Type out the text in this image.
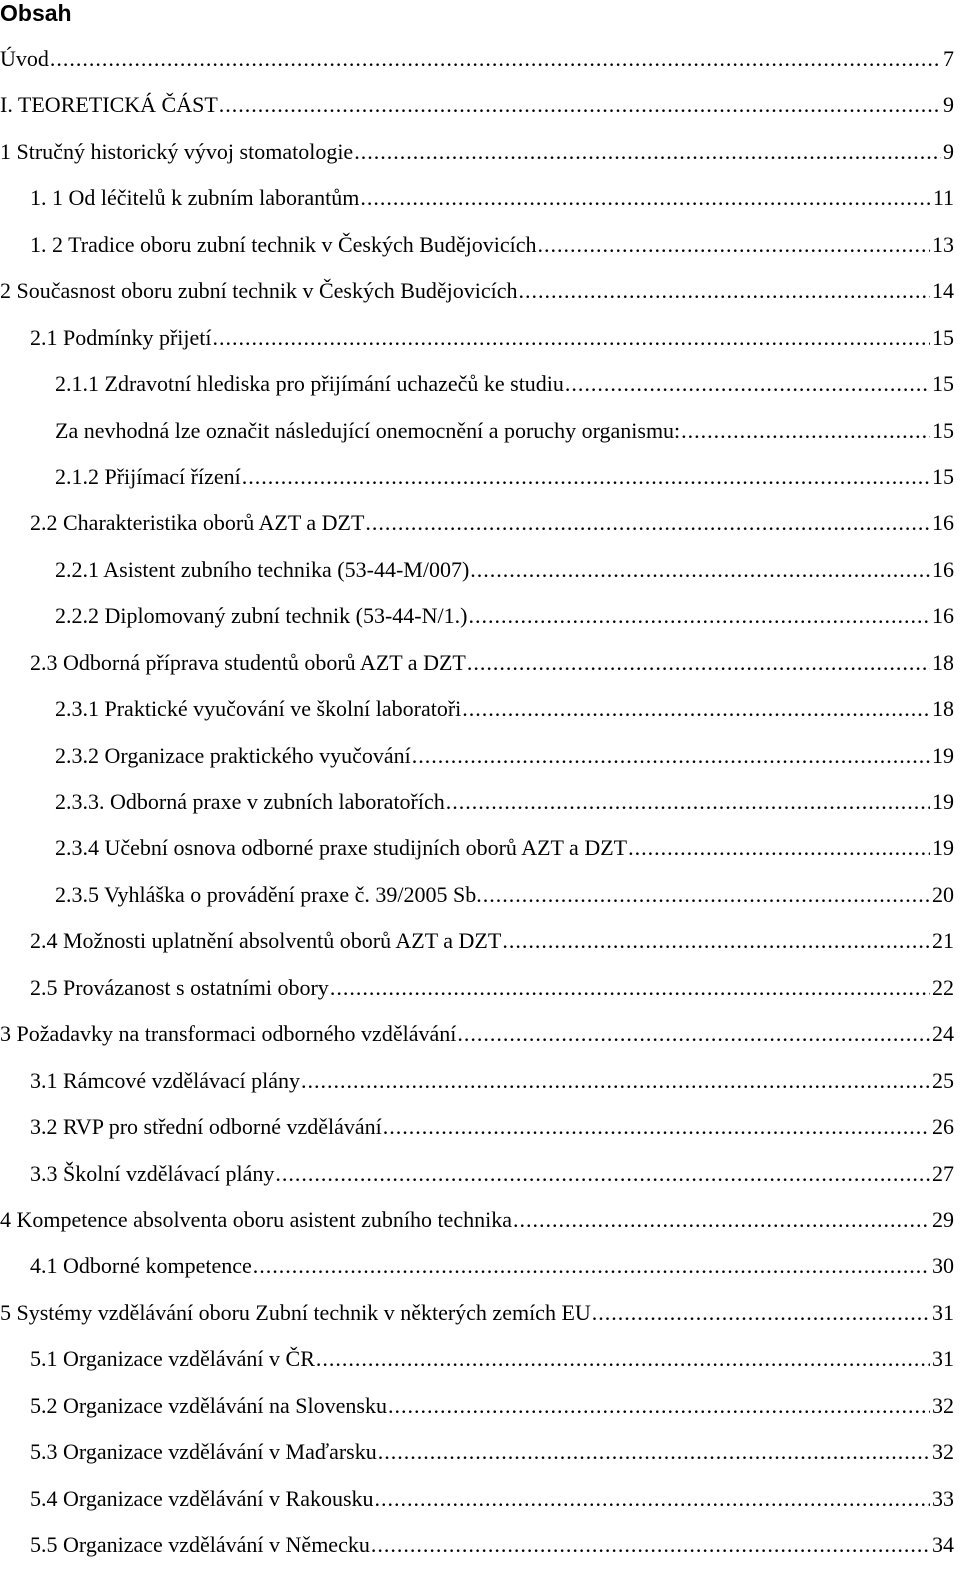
Obsah
Úvod .....	7
I. TEORETICKÁ ČÁST .....	9
1 Stručný historický vývoj stomatologie .....	9
1. 1 Od léčitelů k zubním laborantům .....	11
1. 2 Tradice oboru zubní technik v Českých Budějovicích .....	13
2 Současnost oboru zubní technik v Českých Budějovicích .....	14
2.1 Podmínky přijetí .....	15
2.1.1 Zdravotní hlediska pro přijímání uchazečů ke studiu .....	15
Za nevhodná lze označit následující onemocnění a poruchy organismu: .....	15
2.1.2 Přijímací řízení .....	15
2.2 Charakteristika oborů AZT a DZT .....	16
2.2.1 Asistent zubního technika (53-44-M/007) .....	16
2.2.2 Diplomovaný zubní technik (53-44-N/1.) .....	16
2.3 Odborná příprava studentů oborů AZT a DZT .....	18
2.3.1 Praktické vyučování ve školní laboratoři .....	18
2.3.2 Organizace praktického vyučování .....	19
2.3.3. Odborná praxe v zubních laboratořích .....	19
2.3.4 Učební osnova odborné praxe studijních oborů AZT a DZT .....	19
2.3.5 Vyhláška o provádění praxe č. 39/2005 Sb. .....	20
2.4 Možnosti uplatnění absolventů oborů AZT a DZT .....	21
2.5 Provázanost s ostatními obory .....	22
3 Požadavky na transformaci odborného vzdělávání .....	24
3.1 Rámcové vzdělávací plány .....	25
3.2 RVP pro střední odborné vzdělávání .....	26
3.3 Školní vzdělávací plány .....	27
4 Kompetence absolventa oboru asistent zubního technika .....	29
4.1 Odborné kompetence .....	30
5 Systémy vzdělávání oboru Zubní technik v některých zemích EU .....	31
5.1 Organizace vzdělávání v ČR .....	31
5.2 Organizace vzdělávání na Slovensku .....	32
5.3 Organizace vzdělávání v Maďarsku .....	32
5.4 Organizace vzdělávání v Rakousku .....	33
5.5 Organizace vzdělávání v Německu .....	34
